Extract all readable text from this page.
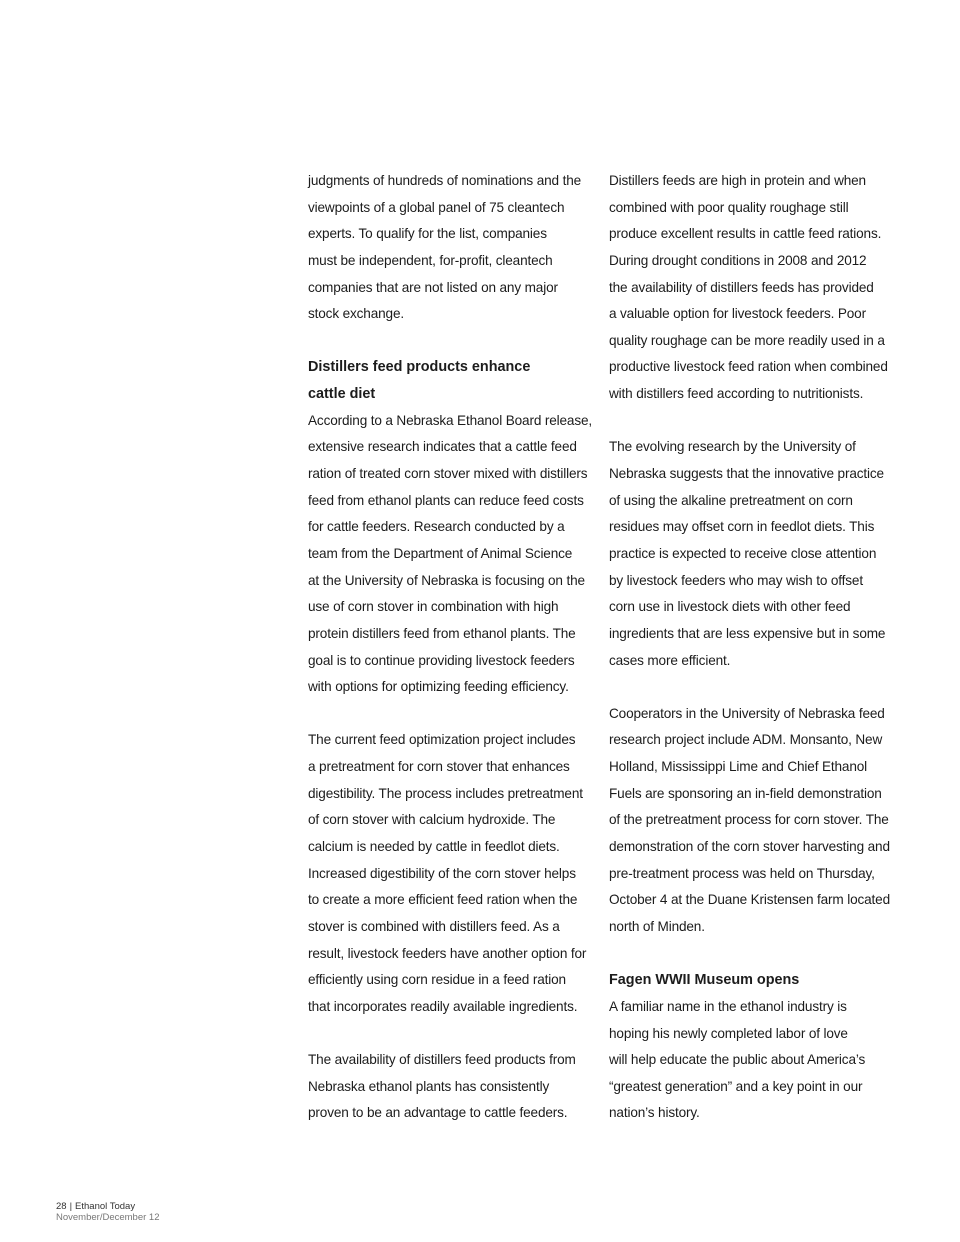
judgments of hundreds of nominations and the
viewpoints of a global panel of 75 cleantech
experts. To qualify for the list, companies
must be independent, for-profit, cleantech
companies that are not listed on any major
stock exchange.
Distillers feed products enhance
cattle diet
According to a Nebraska Ethanol Board release,
extensive research indicates that a cattle feed
ration of treated corn stover mixed with distillers
feed from ethanol plants can reduce feed costs
for cattle feeders. Research conducted by a
team from the Department of Animal Science
at the University of Nebraska is focusing on the
use of corn stover in combination with high
protein distillers feed from ethanol plants. The
goal is to continue providing livestock feeders
with options for optimizing feeding efficiency.
The current feed optimization project includes
a pretreatment for corn stover that enhances
digestibility. The process includes pretreatment
of corn stover with calcium hydroxide. The
calcium is needed by cattle in feedlot diets.
Increased digestibility of the corn stover helps
to create a more efficient feed ration when the
stover is combined with distillers feed. As a
result, livestock feeders have another option for
efficiently using corn residue in a feed ration
that incorporates readily available ingredients.
The availability of distillers feed products from
Nebraska ethanol plants has consistently
proven to be an advantage to cattle feeders.
Distillers feeds are high in protein and when
combined with poor quality roughage still
produce excellent results in cattle feed rations.
During drought conditions in 2008 and 2012
the availability of distillers feeds has provided
a valuable option for livestock feeders. Poor
quality roughage can be more readily used in a
productive livestock feed ration when combined
with distillers feed according to nutritionists.
The evolving research by the University of
Nebraska suggests that the innovative practice
of using the alkaline pretreatment on corn
residues may offset corn in feedlot diets. This
practice is expected to receive close attention
by livestock feeders who may wish to offset
corn use in livestock diets with other feed
ingredients that are less expensive but in some
cases more efficient.
Cooperators in the University of Nebraska feed
research project include ADM. Monsanto, New
Holland, Mississippi Lime and Chief Ethanol
Fuels are sponsoring an in-field demonstration
of the pretreatment process for corn stover. The
demonstration of the corn stover harvesting and
pre-treatment process was held on Thursday,
October 4 at the Duane Kristensen farm located
north of Minden.
Fagen WWII Museum opens
A familiar name in the ethanol industry is
hoping his newly completed labor of love
will help educate the public about America’s
“greatest generation” and a key point in our
nation’s history.
28 | Ethanol Today
November/December 12
